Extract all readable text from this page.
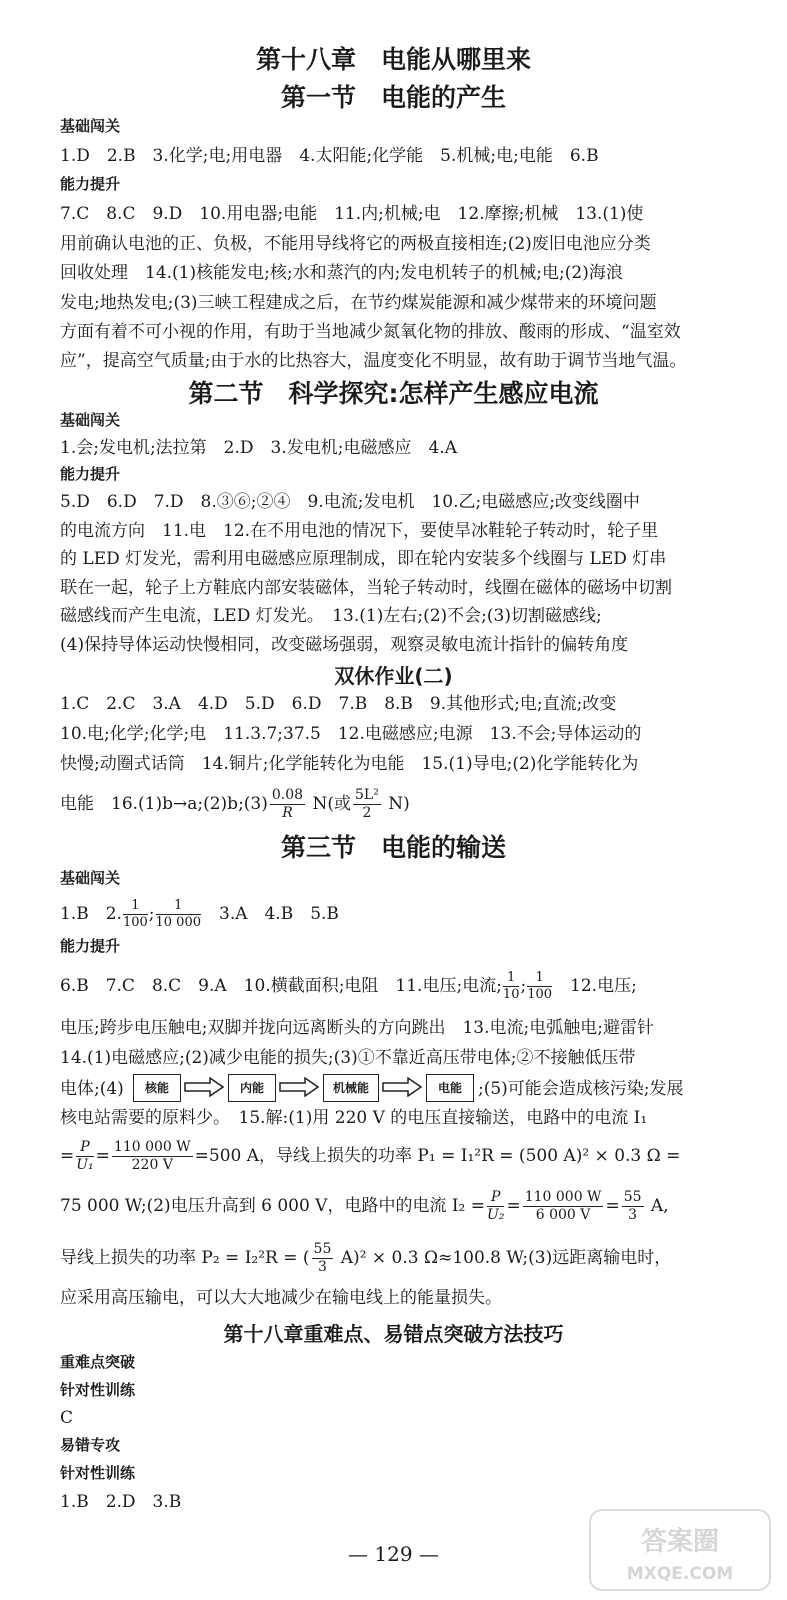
第十八章　电能从哪里来
第一节　电能的产生
基础闯关
1.D　2.B　3.化学;电;用电器　4.太阳能;化学能　5.机械;电;电能　6.B
能力提升
7.C　8.C　9.D　10.用电器;电能　11.内;机械;电　12.摩擦;机械　13.(1)使
用前确认电池的正、负极，不能用导线将它的两极直接相连;(2)废旧电池应分类
回收处理　14.(1)核能发电;核;水和蒸汽的内;发电机转子的机械;电;(2)海浪
发电;地热发电;(3)三峡工程建成之后，在节约煤炭能源和减少煤带来的环境问题
方面有着不可小视的作用，有助于当地减少氮氧化物的排放、酸雨的形成、“温室效
应”，提高空气质量;由于水的比热容大，温度变化不明显，故有助于调节当地气温。
第二节　科学探究:怎样产生感应电流
基础闯关
1.会;发电机;法拉第　2.D　3.发电机;电磁感应　4.A
能力提升
5.D　6.D　7.D　8.③⑥;②④　9.电流;发电机　10.乙;电磁感应;改变线圈中
的电流方向　11.电　12.在不用电池的情况下，要使旱冰鞋轮子转动时，轮子里
的 LED 灯发光，需利用电磁感应原理制成，即在轮内安装多个线圈与 LED 灯串
联在一起，轮子上方鞋底内部安装磁体，当轮子转动时，线圈在磁体的磁场中切割
磁感线而产生电流，LED 灯发光。　13.(1)左右;(2)不会;(3)切割磁感线;
(4)保持导体运动快慢相同，改变磁场强弱，观察灵敏电流计指针的偏转角度
双休作业(二)
1.C　2.C　3.A　4.D　5.D　6.D　7.B　8.B　9.其他形式;电;直流;改变
10.电;化学;化学;电　11.3.7;37.5　12.电磁感应;电源　13.不会;导体运动的
快慢;动圈式话筒　14.铜片;化学能转化为电能　15.(1)导电;(2)化学能转化为
电能　16.(1)b→a;(2)b;(3) $\frac{0.08}{R} N$(或 $\frac{\text{5L²}}{2} N$)
第三节　电能的输送
基础闯关
1.B　2. $\frac{1}{100}$ ; $\frac{1}{10 000}$ 　3.A　4.B　5.B
能力提升
6.B　7.C　8.C　9.A　10.横截面积;电阻　11.电压;电流; $\frac{1}{10}$ ; $\frac{1}{100}$ 　12.电压;
电压;跨步电压触电;双脚并拢向远离断头的方向跳出　13.电流;电弧触电;避雷针
14.(1)电磁感应;(2)减少电能的损失;(3)①不靠近高压带电体;②不接触低压带
电体;(4)	核能	内能	机械能	电能 ;(5)可能会造成核污染;发展
核电站需要的原料少。　15.解:(1)用 220 V 的电压直接输送，电路中的电流 I₁
= $\frac{P}{\text{U₁}} = \frac{110 000 W}{220 V} =500$ A，导线上损失的功率 P₁ = I₁²R = (500 A)² × 0.3 Ω =
75 000 W;(2)电压升高到 6 000 V，电路中的电流 $I_2 = \frac{P}{\text{U₂}} = \frac{110 000 W}{6 000 V} = \frac{55}{3} A$,
导线上损失的功率 P₂ = I₂²R = ( $\frac{55}{3} A)^2 \times 0.3$ Ω≈100.8 W;(3)远距离输电时，
应采用高压输电，可以大大地减少在输电线上的能量损失。
第十八章重难点、易错点突破方法技巧
重难点突破
针对性训练
C
易错专攻
针对性训练
1.B　2.D　3.B
— 129 —	答案圈
MXQE.COM
